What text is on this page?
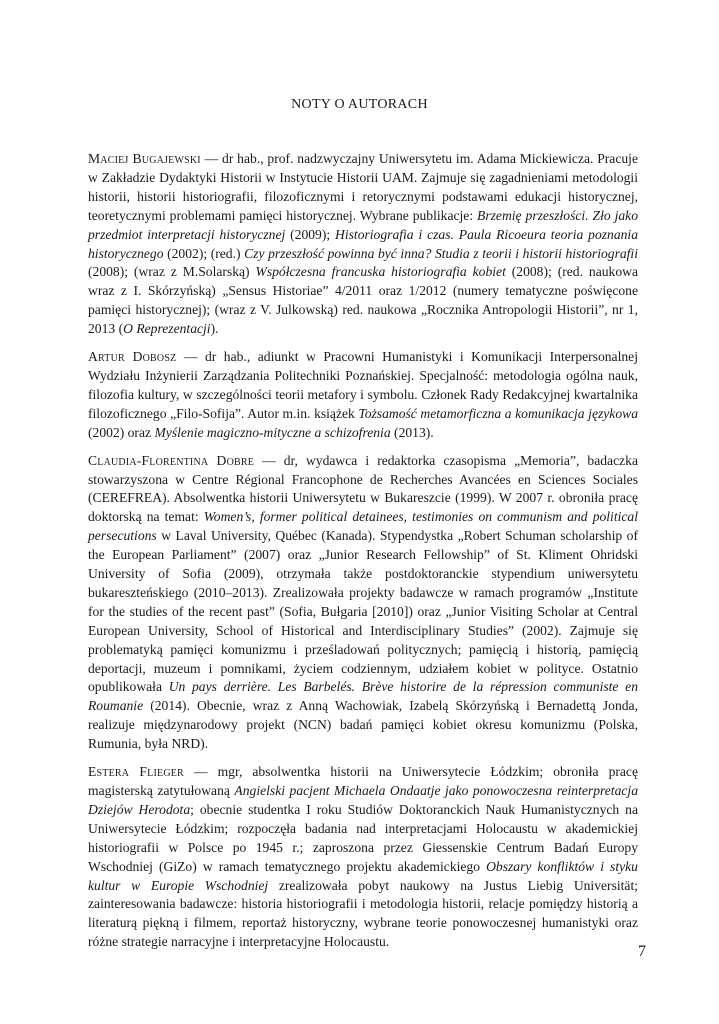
NOTY O AUTORACH

Maciej Bugajewski — dr hab., prof. nadzwyczajny Uniwersytetu im. Adama Mickiewicza. Pracuje w Zakładzie Dydaktyki Historii w Instytucie Historii UAM. Zajmuje się zagadnieniami metodologii historii, historii historiografii, filozoficznymi i retorycznymi podstawami edukacji historycznej, teoretycznymi problemami pamięci historycznej. Wybrane publikacje: Brzemię przeszłości. Zło jako przedmiot interpretacji historycznej (2009); Historiografia i czas. Paula Ricoeura teoria poznania historycznego (2002); (red.) Czy przeszłość powinna być inna? Studia z teorii i historii historiografii (2008); (wraz z M.Solarską) Współczesna francuska historiografia kobiet (2008); (red. naukowa wraz z I. Skórzyńską) „Sensus Historiae” 4/2011 oraz 1/2012 (numery tematyczne poświęcone pamięci historycznej); (wraz z V. Julkowską) red. naukowa „Rocznika Antropologii Historii”, nr 1, 2013 (O Reprezentacji).

Artur Dobosz — dr hab., adiunkt w Pracowni Humanistyki i Komunikacji Interpersonalnej Wydziału Inżynierii Zarządzania Politechniki Poznańskiej. Specjalność: metodologia ogólna nauk, filozofia kultury, w szczególności teorii metafory i symbolu. Członek Rady Redakcyjnej kwartalnika filozoficznego „Filo-Sofija”. Autor m.in. książek Tożsamość metamorficzna a komunikacja językowa (2002) oraz Myślenie magiczno-mityczne a schizofrenia (2013).

Claudia-Florentina Dobre — dr, wydawca i redaktorka czasopisma „Memoria”, badaczka stowarzyszona w Centre Régional Francophone de Recherches Avancées en Sciences Sociales (CEREFREA). Absolwentka historii Uniwersytetu w Bukareszcie (1999). W 2007 r. obroniła pracę doktorską na temat: Women’s, former political detainees, testimonies on communism and political persecutions w Laval University, Québec (Kanada). Stypendystka „Robert Schuman scholarship of the European Parliament” (2007) oraz „Junior Research Fellowship” of St. Kliment Ohridski University of Sofia (2009), otrzymała także postdoktoranckie stypendium uniwersytetu bukareszteńskiego (2010–2013). Zrealizowała projekty badawcze w ramach programów „Institute for the studies of the recent past” (Sofia, Bułgaria [2010]) oraz „Junior Visiting Scholar at Central European University, School of Historical and Interdisciplinary Studies” (2002). Zajmuje się problematyką pamięci komunizmu i prześladowań politycznych; pamięcią i historią, pamięcią deportacji, muzeum i pomnikami, życiem codziennym, udziałem kobiet w polityce. Ostatnio opublikowała Un pays derrière. Les Barbelés. Brève historire de la répression communiste en Roumanie (2014). Obecnie, wraz z Anną Wachowiak, Izabelą Skórzyńską i Bernadettą Jonda, realizuje międzynarodowy projekt (NCN) badań pamięci kobiet okresu komunizmu (Polska, Rumunia, była NRD).

Estera Flieger — mgr, absolwentka historii na Uniwersytecie Łódzkim; obroniła pracę magisterską zatytułowaną Angielski pacjent Michaela Ondaatje jako ponowoczesna reinterpretacja Dziejów Herodota; obecnie studentka I roku Studiów Doktoranckich Nauk Humanistycznych na Uniwersytecie Łódzkim; rozpoczęła badania nad interpretacjami Holocaustu w akademickiej historiografii w Polsce po 1945 r.; zaproszona przez Giessenskie Centrum Badań Europy Wschodniej (GiZo) w ramach tematycznego projektu akademickiego Obszary konfliktów i styku kultur w Europie Wschodniej zrealizowała pobyt naukowy na Justus Liebig Universität; zainteresowania badawcze: historia historiografii i metodologia historii, relacje pomiędzy historią a literaturą piękną i filmem, reportaż historyczny, wybrane teorie ponowoczesnej humanistyki oraz różne strategie narracyjne i interpretacyjne Holocaustu.

7
